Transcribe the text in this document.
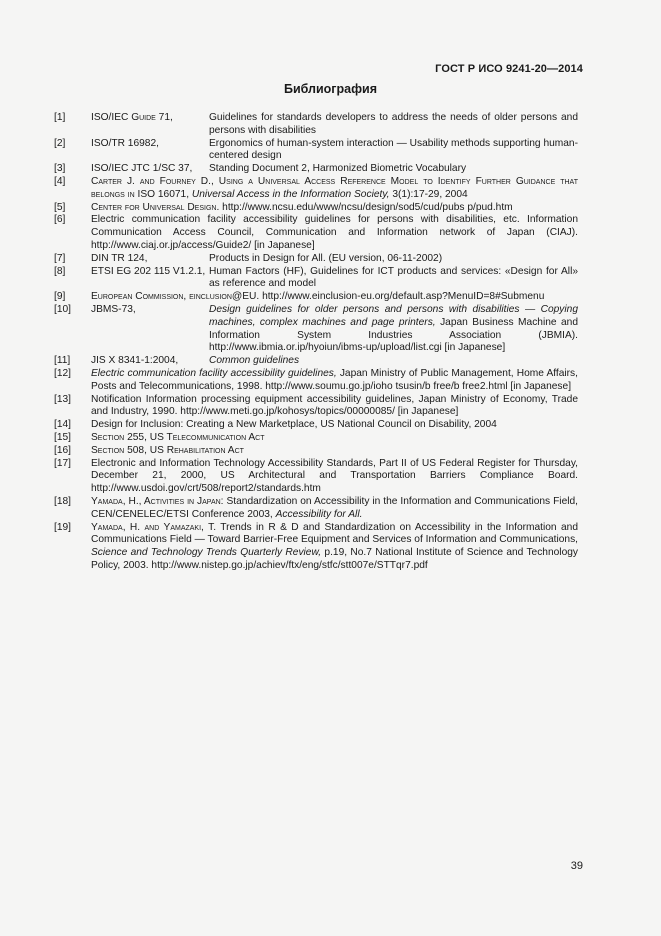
ГОСТ Р ИСО 9241-20—2014
Библиография
[1]	ISO/IEC Guide 71,	Guidelines for standards developers to address the needs of older persons and persons with disabilities
[2]	ISO/TR 16982,	Ergonomics of human-system interaction — Usability methods supporting human-centered design
[3]	ISO/IEC JTC 1/SC 37,	Standing Document 2, Harmonized Biometric Vocabulary
[4]	Carter J. and Fourney D., Using a Universal Access Reference Model to Identify Further Guidance that belongs in ISO 16071, Universal Access in the Information Society, 3(1):17-29, 2004
[5]	Center for Universal Design. http://www.ncsu.edu/www/ncsu/design/sod5/cud/pubs p/pud.htm
[6]	Electric communication facility accessibility guidelines for persons with disabilities, etc. Information Communication Access Council, Communication and Information network of Japan (CIAJ). http://www.ciaj.or.jp/access/Guide2/ [in Japanese]
[7]	DIN TR 124,	Products in Design for All. (EU version, 06-11-2002)
[8]	ETSI EG 202 115 V1.2.1, Human Factors (HF), Guidelines for ICT products and services: «Design for All» as reference and model
[9]	European Commission, einclusion@EU. http://www.einclusion-eu.org/default.asp?MenuID=8#Submenu
[10]	JBMS-73,	Design guidelines for older persons and persons with disabilities — Copying machines, complex machines and page printers, Japan Business Machine and Information System Industries Association (JBMIA). http://www.ibmia.or.ip/hyoiun/ibms-up/upload/list.cgi [in Japanese]
[11]	JIS X 8341-1:2004,	Common guidelines
[12]	Electric communication facility accessibility guidelines, Japan Ministry of Public Management, Home Affairs, Posts and Telecommunications, 1998. http://www.soumu.go.jp/ioho tsusin/b free/b free2.html [in Japanese]
[13]	Notification Information processing equipment accessibility guidelines, Japan Ministry of Economy, Trade and Industry, 1990. http://www.meti.go.jp/kohosys/topics/00000085/ [in Japanese]
[14]	Design for Inclusion: Creating a New Marketplace, US National Council on Disability, 2004
[15]	Section 255, US Telecommunication Act
[16]	Section 508, US Rehabilitation Act
[17]	Electronic and Information Technology Accessibility Standards, Part II of US Federal Register for Thursday, December 21, 2000, US Architectural and Transportation Barriers Compliance Board. http://www.usdoi.gov/crt/508/report2/standards.htm
[18]	Yamada, H., Activities in Japan: Standardization on Accessibility in the Information and Communications Field, CEN/CENELEC/ETSI Conference 2003, Accessibility for All.
[19]	Yamada, H. and Yamazaki, T. Trends in R & D and Standardization on Accessibility in the Information and Communications Field — Toward Barrier-Free Equipment and Services of Information and Communications, Science and Technology Trends Quarterly Review, p.19, No.7 National Institute of Science and Technology Policy, 2003. http://www.nistep.go.jp/achiev/ftx/eng/stfc/stt007e/STTqr7.pdf
39
